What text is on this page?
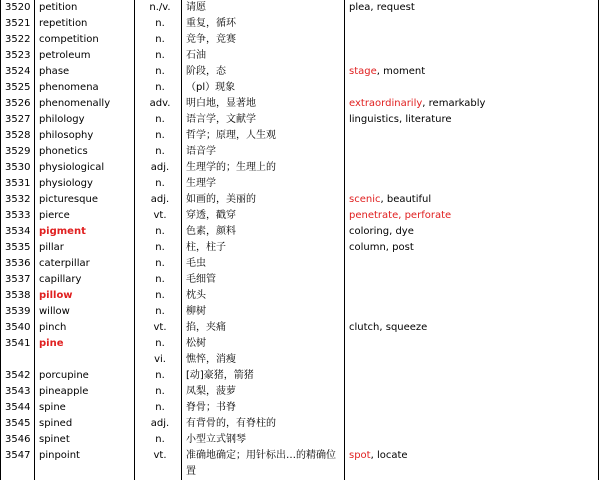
3520	petition	n./v.	请愿	plea, request
3521	repetition	n.	重复，循环	
3522	competition	n.	竞争，竞赛	
3523	petroleum	n.	石油	
3524	phase	n.	阶段，态	stage, moment
3525	phenomena	n.	（pl）现象	
3526	phenomenally	adv.	明白地，显著地	extraordinarily, remarkably
3527	philology	n.	语言学，文献学	linguistics, literature
3528	philosophy	n.	哲学；原理，人生观	
3529	phonetics	n.	语音学	
3530	physiological	adj.	生理学的；生理上的	
3531	physiology	n.	生理学	
3532	picturesque	adj.	如画的，美丽的	scenic, beautiful
3533	pierce	vt.	穿透，戳穿	penetrate, perforate
3534	pigment	n.	色素，颜料	coloring, dye
3535	pillar	n.	柱，柱子	column, post
3536	caterpillar	n.	毛虫	
3537	capillary	n.	毛细管	
3538	pillow	n.	枕头	
3539	willow	n.	柳树	
3540	pinch	vt.	掐，夹痛	clutch, squeeze
3541	pine	n.	松树	
		vi.	憔悴，消瘦	
3542	porcupine	n.	[动]豪猪，箭猪	
3543	pineapple	n.	凤梨，菠萝	
3544	spine	n.	脊骨；书脊	
3545	spined	adj.	有背骨的，有脊柱的	
3546	spinet	n.	小型立式钢琴	
3547	pinpoint	vt.	准确地确定；用针标出…的精确位置	spot, locate
